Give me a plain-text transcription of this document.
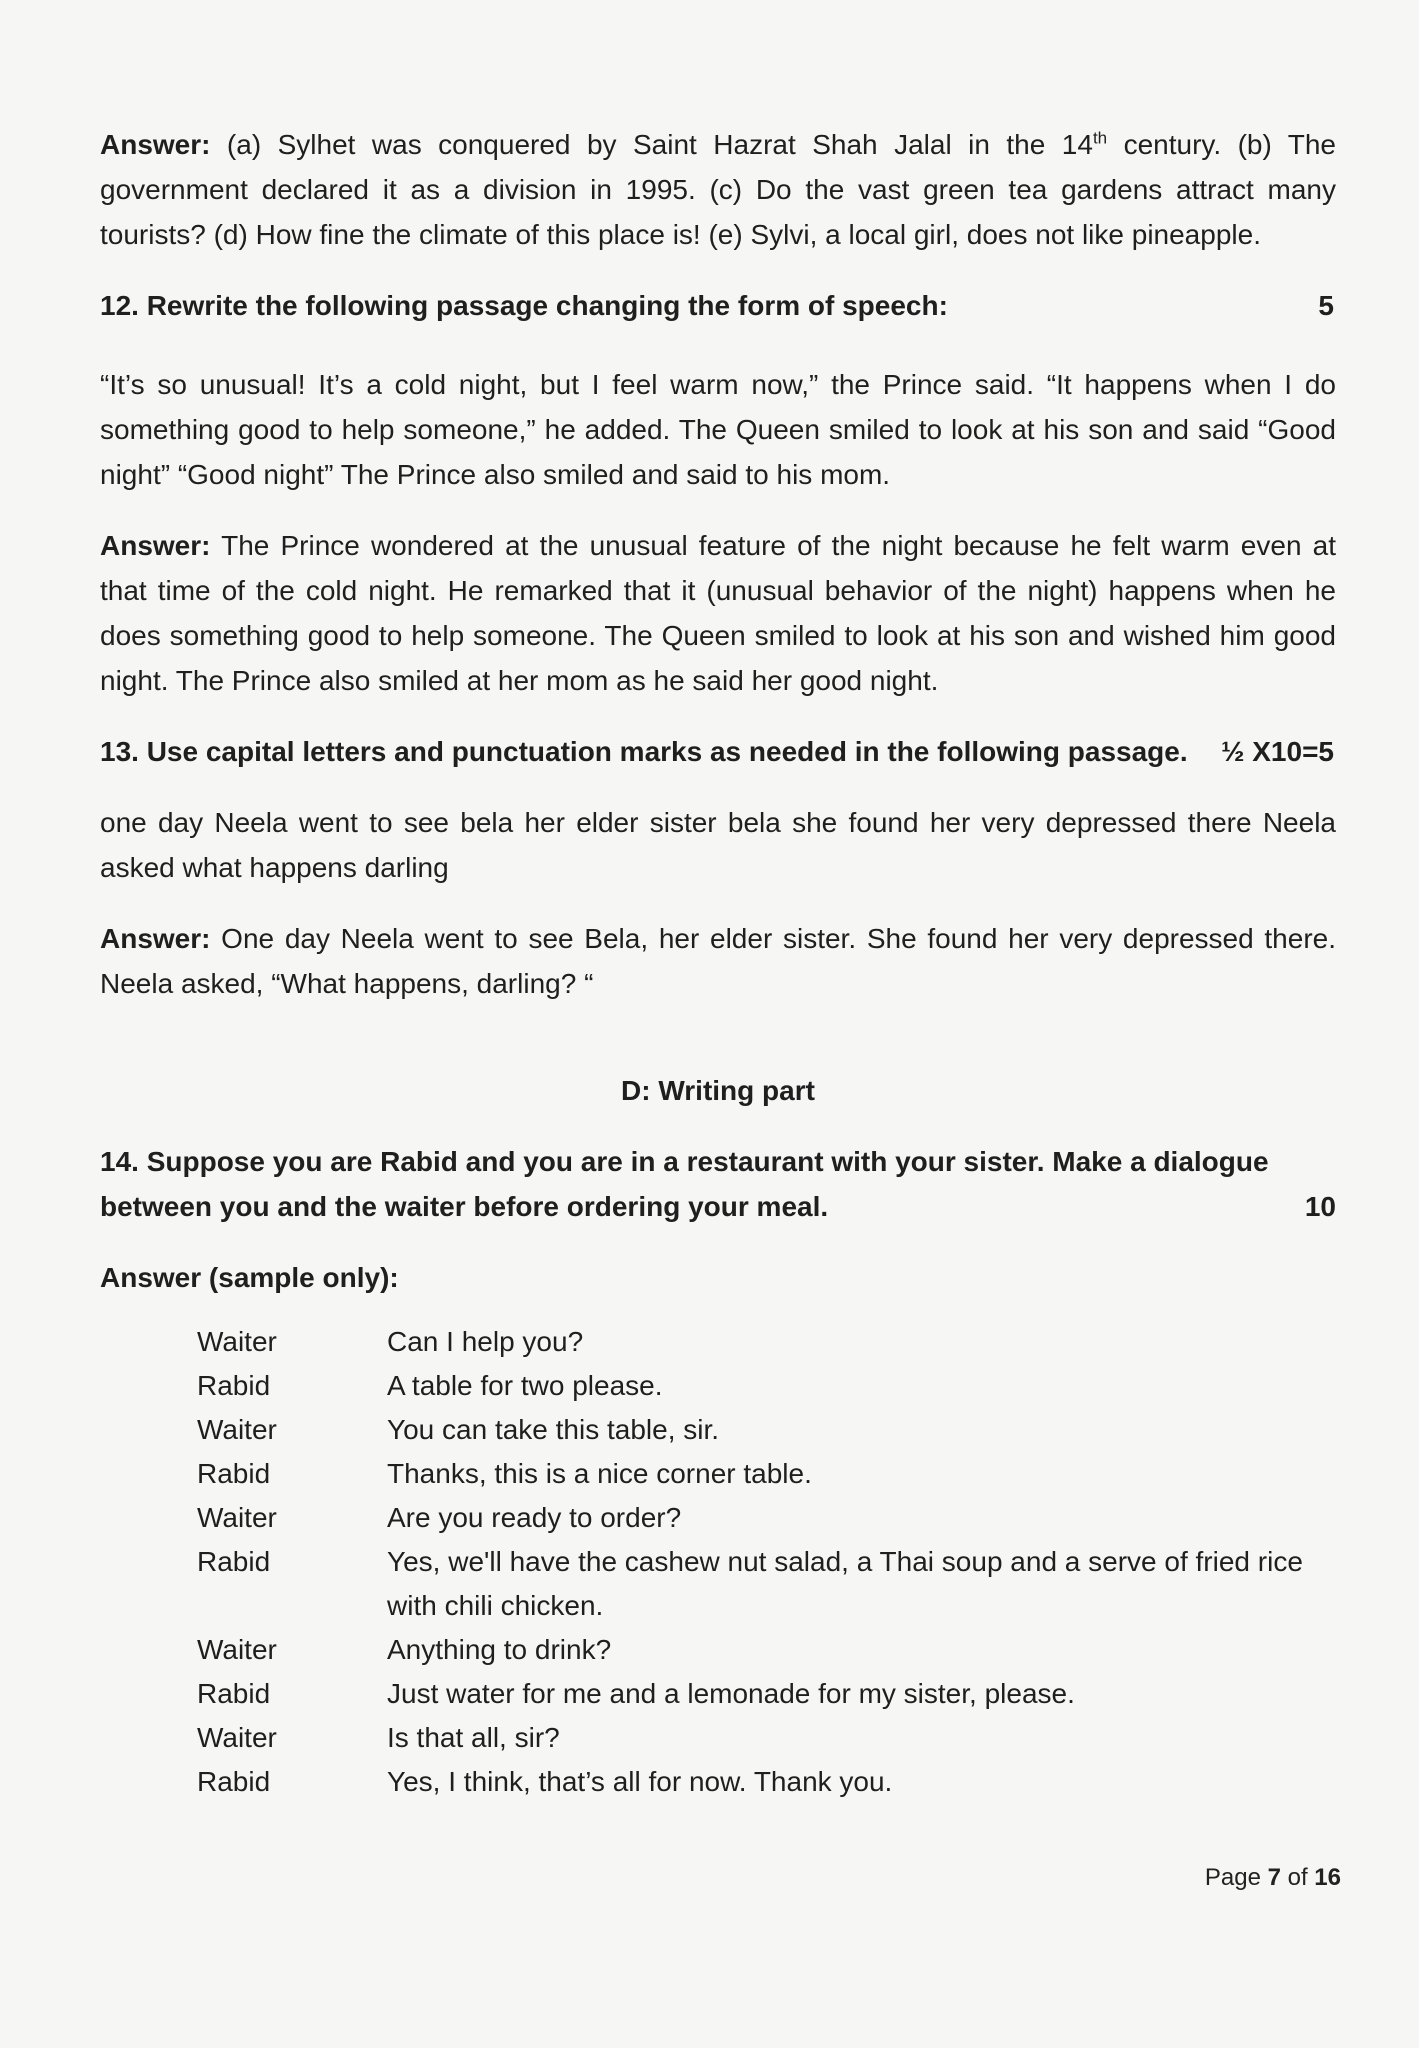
Answer: (a) Sylhet was conquered by Saint Hazrat Shah Jalal in the 14th century. (b) The government declared it as a division in 1995. (c) Do the vast green tea gardens attract many tourists? (d) How fine the climate of this place is! (e) Sylvi, a local girl, does not like pineapple.

12. Rewrite the following passage changing the form of speech:	5

“It’s so unusual! It’s a cold night, but I feel warm now,” the Prince said. “It happens when I do something good to help someone,” he added. The Queen smiled to look at his son and said “Good night” “Good night” The Prince also smiled and said to his mom.

Answer: The Prince wondered at the unusual feature of the night because he felt warm even at that time of the cold night. He remarked that it (unusual behavior of the night) happens when he does something good to help someone. The Queen smiled to look at his son and wished him good night. The Prince also smiled at her mom as he said her good night.

13. Use capital letters and punctuation marks as needed in the following passage. ½ X10=5

one day Neela went to see bela her elder sister bela she found her very depressed there Neela asked what happens darling

Answer: One day Neela went to see Bela, her elder sister. She found her very depressed there. Neela asked, “What happens, darling? “

D: Writing part

14. Suppose you are Rabid and you are in a restaurant with your sister. Make a dialogue
between you and the waiter before ordering your meal.	10

Answer (sample only):

Waiter	Can I help you?
Rabid	A table for two please.
Waiter	You can take this table, sir.
Rabid	Thanks, this is a nice corner table.
Waiter	Are you ready to order?
Rabid	Yes, we'll have the cashew nut salad, a Thai soup and a serve of fried rice with chili chicken.
Waiter	Anything to drink?
Rabid	Just water for me and a lemonade for my sister, please.
Waiter	Is that all, sir?
Rabid	Yes, I think, that’s all for now. Thank you.
Page 7 of 16
